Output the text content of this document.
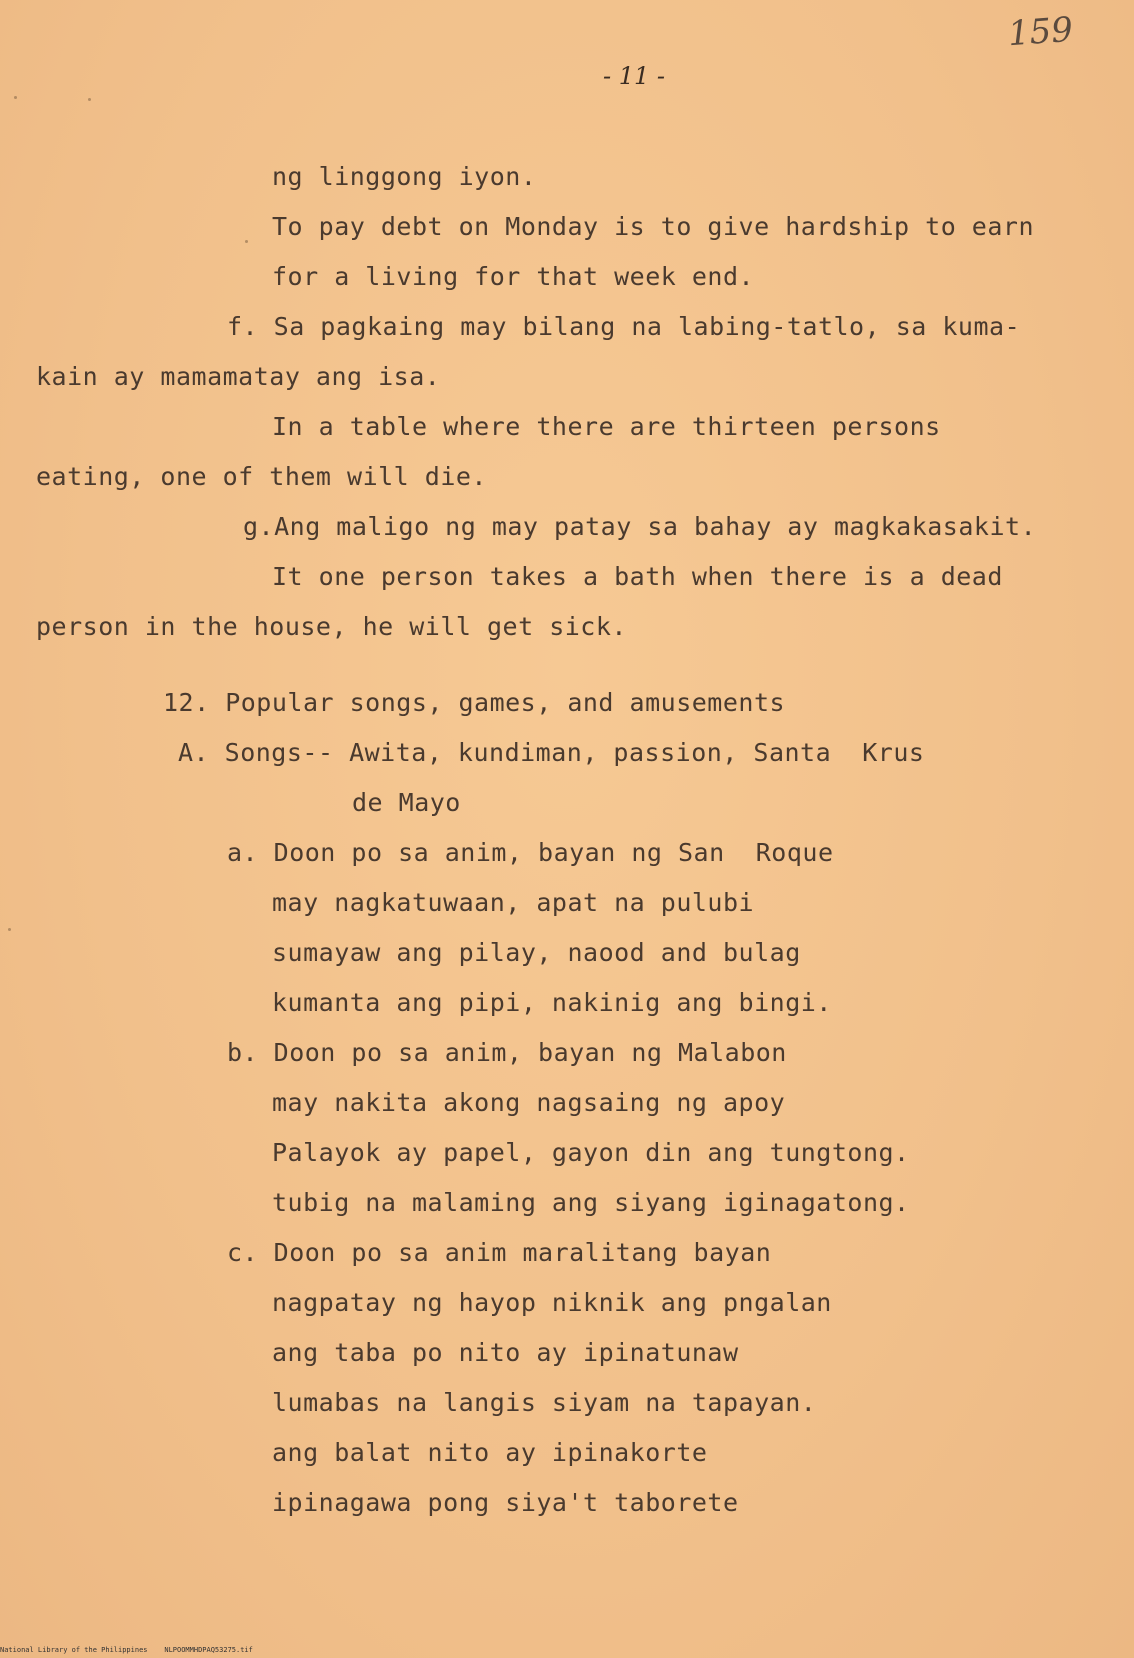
159
- 11 -
ng linggong iyon.
To pay debt on Monday is to give hardship to earn
for a living for that week end.
f. Sa pagkaing may bilang na labing-tatlo, sa kuma-
kain ay mamamatay ang isa.
In a table where there are thirteen persons
eating, one of them will die.
g.Ang maligo ng may patay sa bahay ay magkakasakit.
It one person takes a bath when there is a dead
person in the house, he will get sick.
12. Popular songs, games, and amusements
A. Songs-- Awita, kundiman, passion, Santa  Krus
de Mayo
a. Doon po sa anim, bayan ng San  Roque
may nagkatuwaan, apat na pulubi
sumayaw ang pilay, naood and bulag
kumanta ang pipi, nakinig ang bingi.
b. Doon po sa anim, bayan ng Malabon
may nakita akong nagsaing ng apoy
Palayok ay papel, gayon din ang tungtong.
tubig na malaming ang siyang iginagatong.
c. Doon po sa anim maralitang bayan
nagpatay ng hayop niknik ang pngalan
ang taba po nito ay ipinatunaw
lumabas na langis siyam na tapayan.
ang balat nito ay ipinakorte
ipinagawa pong siya't taborete
National Library of the Philippines    NLPOOMMHDPAQ53275.tif
